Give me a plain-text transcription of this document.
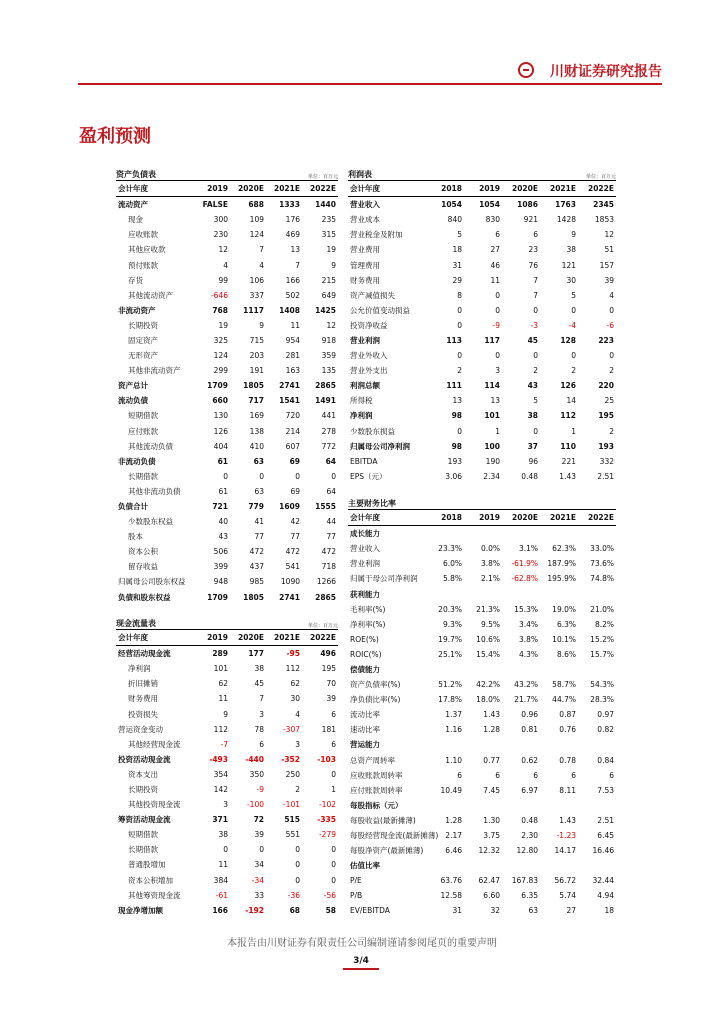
川财证券研究报告
盈利预测
资产负债表	单位：百万元
会计年度	2019	2020E	2021E	2022E
流动资产	FALSE	688	1333	1440
现金	300	109	176	235
应收账款	230	124	469	315
其他应收款	12	7	13	19
预付账款	4	4	7	9
存货	99	106	166	215
其他流动资产	-646	337	502	649
非流动资产	768	1117	1408	1425
长期投资	19	9	11	12
固定资产	325	715	954	918
无形资产	124	203	281	359
其他非流动资产	299	191	163	135
资产总计	1709	1805	2741	2865
流动负债	660	717	1541	1491
短期借款	130	169	720	441
应付账款	126	138	214	278
其他流动负债	404	410	607	772
非流动负债	61	63	69	64
长期借款	0	0	0	0
其他非流动负债	61	63	69	64
负债合计	721	779	1609	1555
少数股东权益	40	41	42	44
股本	43	77	77	77
资本公积	506	472	472	472
留存收益	399	437	541	718
归属母公司股东权益	948	985	1090	1266
负债和股东权益	1709	1805	2741	2865
利润表	单位：百万元
会计年度	2018	2019	2020E	2021E	2022E
营业收入	1054	1054	1086	1763	2345
营业成本	840	830	921	1428	1853
营业税金及附加	5	6	6	9	12
营业费用	18	27	23	38	51
管理费用	31	46	76	121	157
财务费用	29	11	7	30	39
资产减值损失	8	0	7	5	4
公允价值变动损益	0	0	0	0	0
投资净收益	0	-9	-3	-4	-6
营业利润	113	117	45	128	223
营业外收入	0	0	0	0	0
营业外支出	2	3	2	2	2
利润总额	111	114	43	126	220
所得税	13	13	5	14	25
净利润	98	101	38	112	195
少数股东损益	0	1	0	1	2
归属母公司净利润	98	100	37	110	193
EBITDA	193	190	96	221	332
EPS（元）	3.06	2.34	0.48	1.43	2.51
主要财务比率
会计年度	2018	2019	2020E	2021E	2022E
成长能力					
营业收入	23.3%	0.0%	3.1%	62.3%	33.0%
营业利润	6.0%	3.8%	-61.9%	187.9%	73.6%
归属于母公司净利润	5.8%	2.1%	-62.8%	195.9%	74.8%
获利能力					
毛利率(%)	20.3%	21.3%	15.3%	19.0%	21.0%
净利率(%)	9.3%	9.5%	3.4%	6.3%	8.2%
ROE(%)	19.7%	10.6%	3.8%	10.1%	15.2%
ROIC(%)	25.1%	15.4%	4.3%	8.6%	15.7%
偿债能力					
资产负债率(%)	51.2%	42.2%	43.2%	58.7%	54.3%
净负债比率(%)	17.8%	18.0%	21.7%	44.7%	28.3%
流动比率	1.37	1.43	0.96	0.87	0.97
速动比率	1.16	1.28	0.81	0.76	0.82
营运能力					
总资产周转率	1.10	0.77	0.62	0.78	0.84
应收账款周转率	6	6	6	6	6
应付账款周转率	10.49	7.45	6.97	8.11	7.53
每股指标（元）					
每股收益(最新摊薄)	1.28	1.30	0.48	1.43	2.51
每股经营现金流(最新摊薄)	2.17	3.75	2.30	-1.23	6.45
每股净资产(最新摊薄)	6.46	12.32	12.80	14.17	16.46
估值比率					
P/E	63.76	62.47	167.83	56.72	32.44
P/B	12.58	6.60	6.35	5.74	4.94
EV/EBITDA	31	32	63	27	18
现金流量表	单位：百万元
会计年度	2019	2020E	2021E	2022E
经营活动现金流	289	177	-95	496
净利润	101	38	112	195
折旧摊销	62	45	62	70
财务费用	11	7	30	39
投资损失	9	3	4	6
营运资金变动	112	78	-307	181
其他经营现金流	-7	6	3	6
投资活动现金流	-493	-440	-352	-103
资本支出	354	350	250	0
长期投资	142	-9	2	1
其他投资现金流	3	-100	-101	-102
筹资活动现金流	371	72	515	-335
短期借款	38	39	551	-279
长期借款	0	0	0	0
普通股增加	11	34	0	0
资本公积增加	384	-34	0	0
其他筹资现金流	-61	33	-36	-56
现金净增加额	166	-192	68	58
本报告由川财证券有限责任公司编制谨请参阅尾页的重要声明
3/4
